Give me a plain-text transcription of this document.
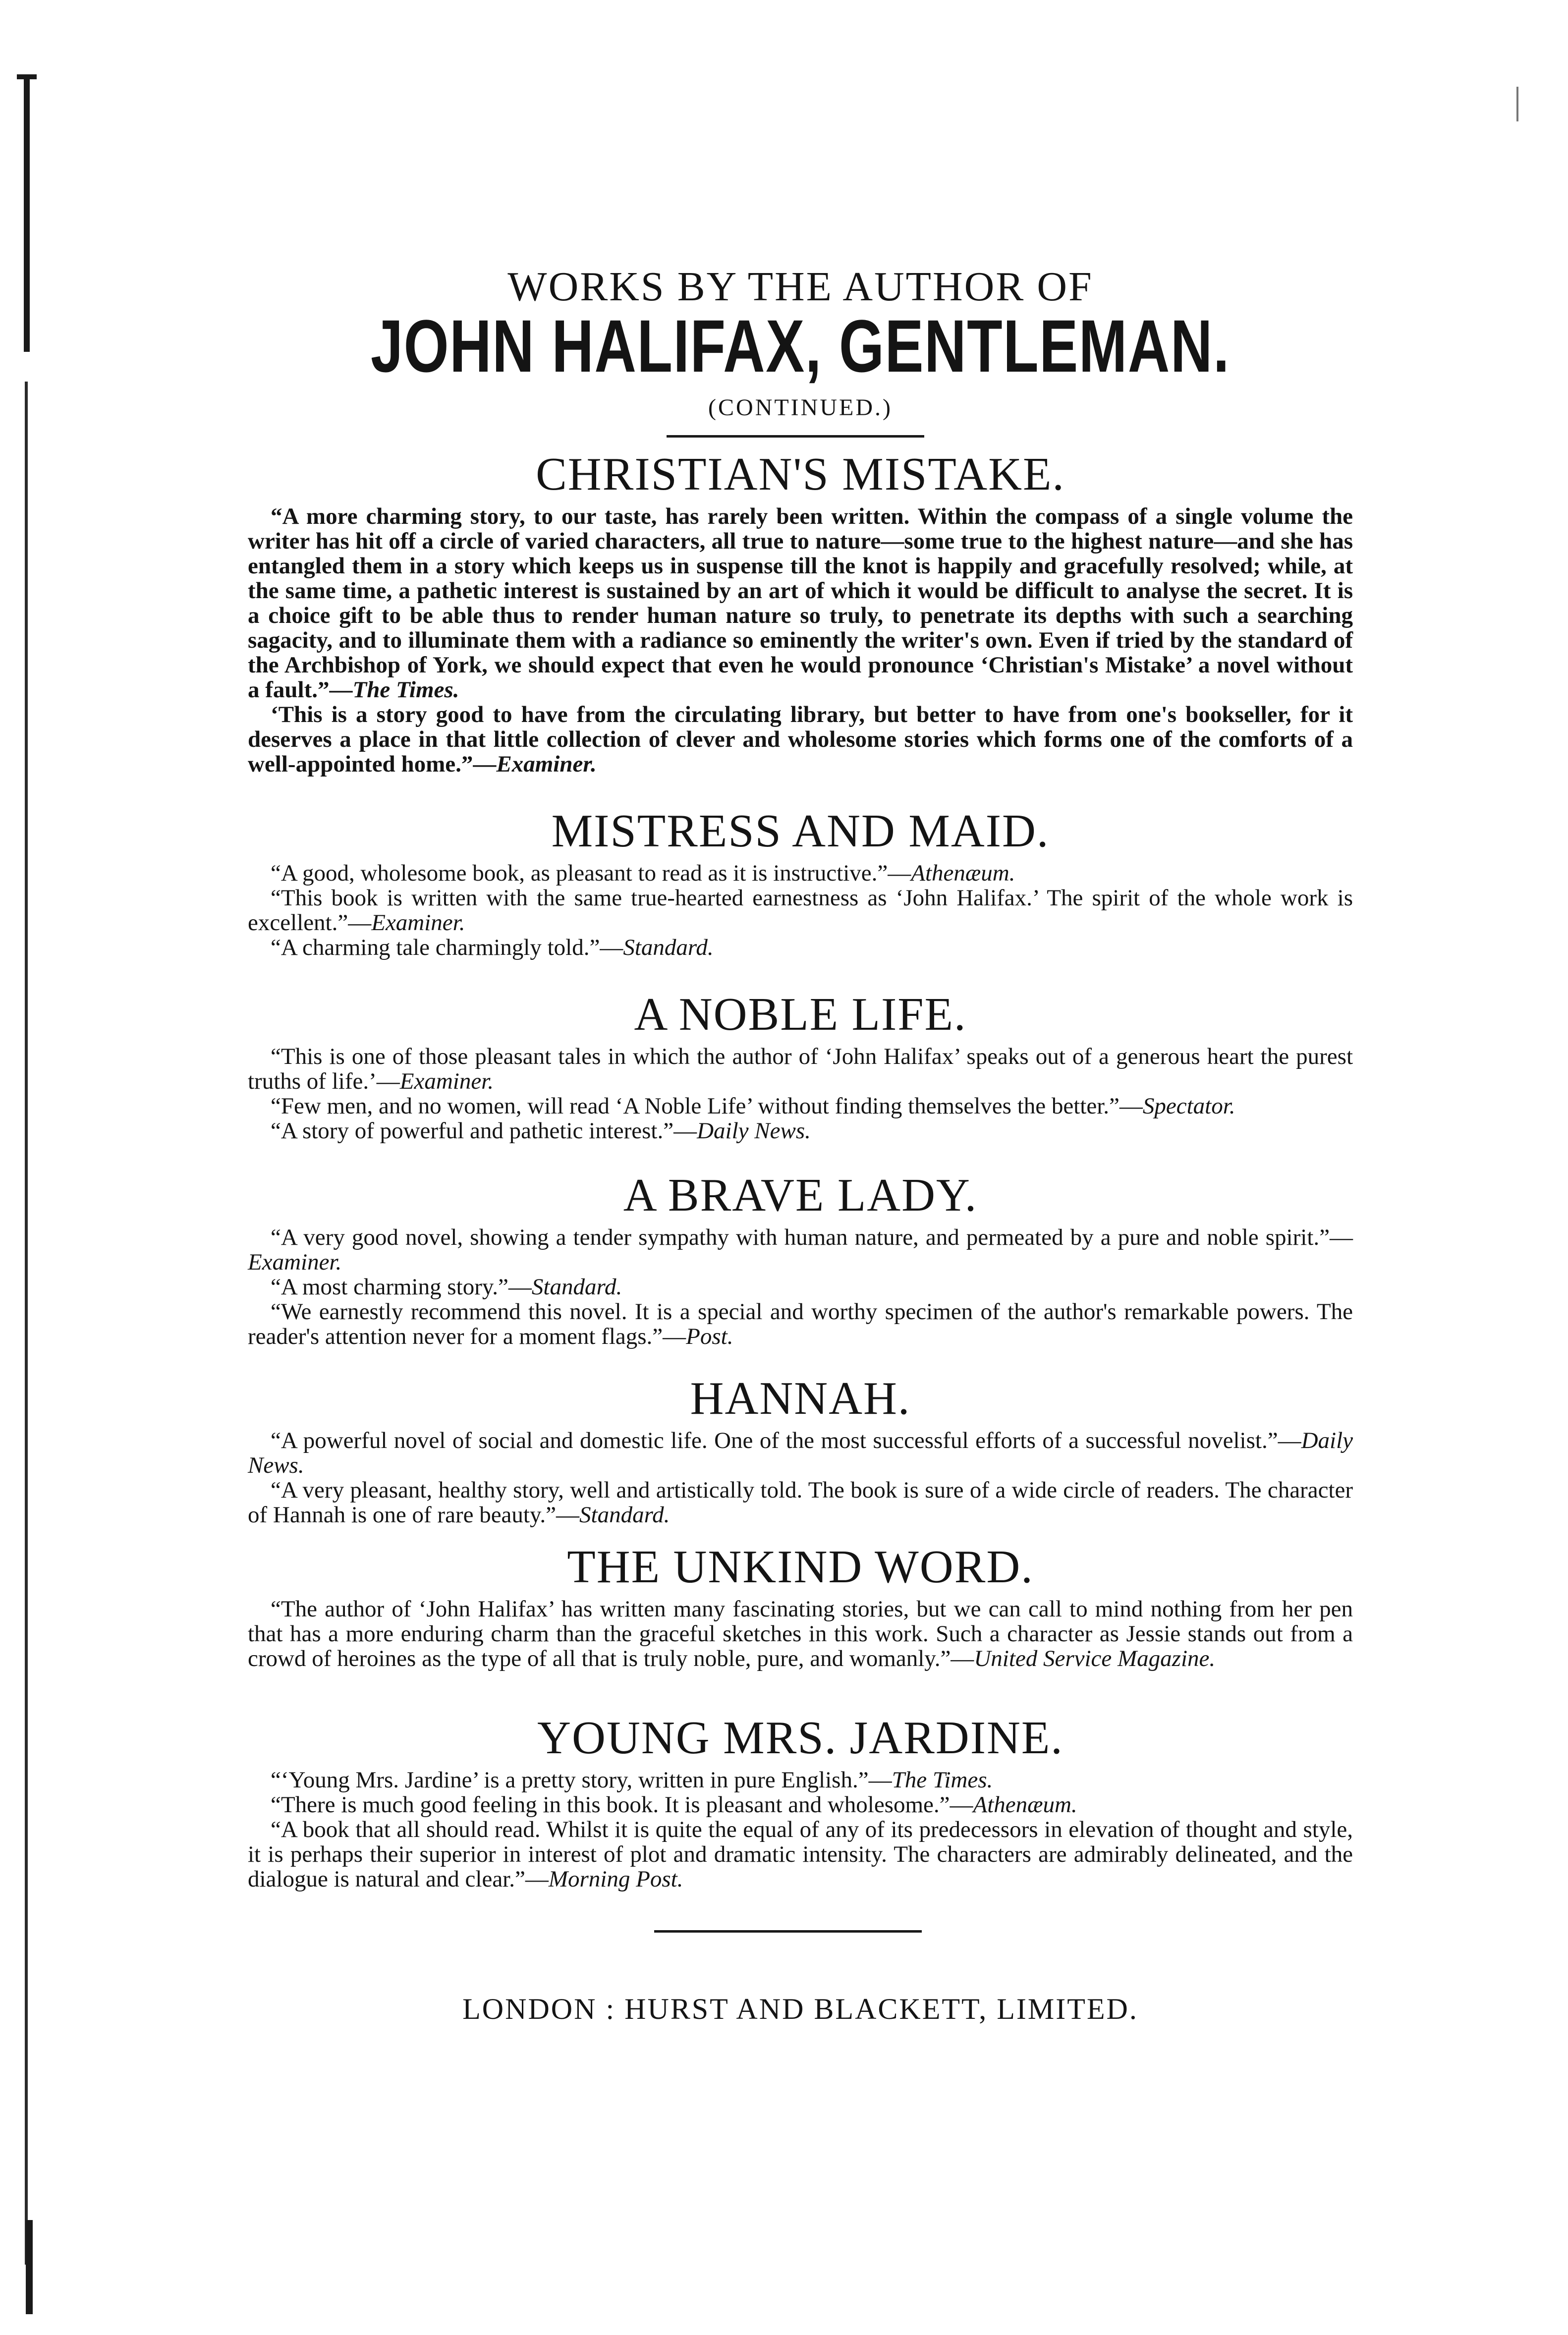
WORKS BY THE AUTHOR OF
JOHN HALIFAX, GENTLEMAN.
(CONTINUED.)
CHRISTIAN'S MISTAKE.

“A more charming story, to our taste, has rarely been written. Within the compass of a single volume the writer has hit off a circle of varied characters, all true to nature—some true to the highest nature—and she has entangled them in a story which keeps us in suspense till the knot is happily and gracefully resolved; while, at the same time, a pathetic interest is sustained by an art of which it would be difficult to analyse the secret. It is a choice gift to be able thus to render human nature so truly, to penetrate its depths with such a searching sagacity, and to illuminate them with a radiance so eminently the writer's own. Even if tried by the standard of the Archbishop of York, we should expect that even he would pronounce ‘Christian's Mistake’ a novel without a fault.”—The Times.

‘This is a story good to have from the circulating library, but better to have from one's bookseller, for it deserves a place in that little collection of clever and wholesome stories which forms one of the comforts of a well-appointed home.”—Examiner.

MISTRESS AND MAID.

“A good, wholesome book, as pleasant to read as it is instructive.”—Athenæum.

“This book is written with the same true-hearted earnestness as ‘John Halifax.’ The spirit of the whole work is excellent.”—Examiner.

“A charming tale charmingly told.”—Standard.

A NOBLE LIFE.

“This is one of those pleasant tales in which the author of ‘John Halifax’ speaks out of a generous heart the purest truths of life.’—Examiner.

“Few men, and no women, will read ‘A Noble Life’ without finding themselves the better.”—Spectator.

“A story of powerful and pathetic interest.”—Daily News.

A BRAVE LADY.

“A very good novel, showing a tender sympathy with human nature, and permeated by a pure and noble spirit.”—Examiner.

“A most charming story.”—Standard.

“We earnestly recommend this novel. It is a special and worthy specimen of the author's remarkable powers. The reader's attention never for a moment flags.”—Post.

HANNAH.

“A powerful novel of social and domestic life. One of the most successful efforts of a successful novelist.”—Daily News.

“A very pleasant, healthy story, well and artistically told. The book is sure of a wide circle of readers. The character of Hannah is one of rare beauty.”—Standard.

THE UNKIND WORD.

“The author of ‘John Halifax’ has written many fascinating stories, but we can call to mind nothing from her pen that has a more enduring charm than the graceful sketches in this work. Such a character as Jessie stands out from a crowd of heroines as the type of all that is truly noble, pure, and womanly.”—United Service Magazine.

YOUNG MRS. JARDINE.

“‘Young Mrs. Jardine’ is a pretty story, written in pure English.”—The Times.

“There is much good feeling in this book. It is pleasant and wholesome.”—Athenæum.

“A book that all should read. Whilst it is quite the equal of any of its predecessors in elevation of thought and style, it is perhaps their superior in interest of plot and dramatic intensity. The characters are admirably delineated, and the dialogue is natural and clear.”—Morning Post.

LONDON : HURST AND BLACKETT, LIMITED.
